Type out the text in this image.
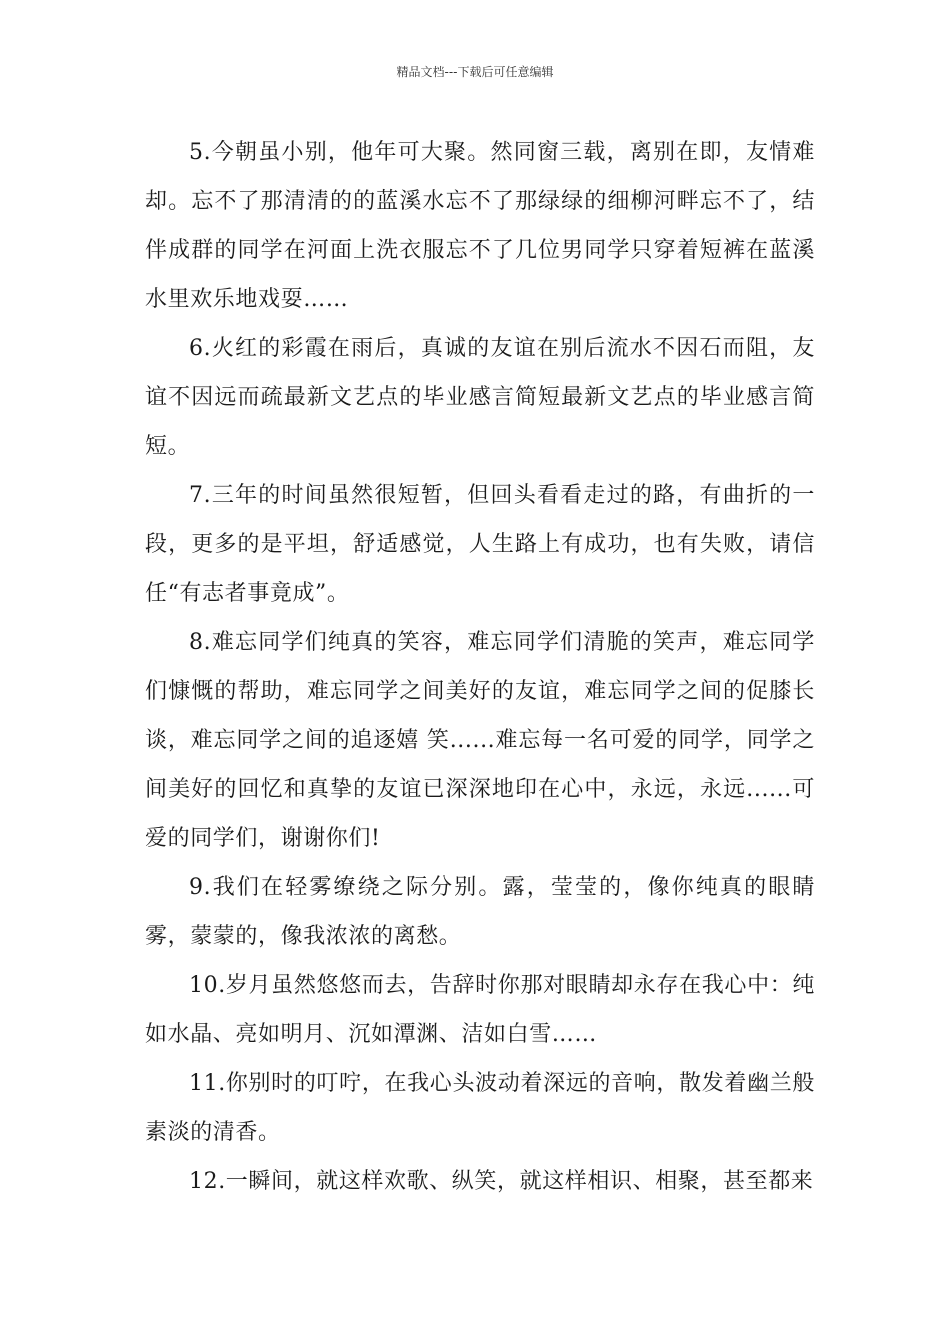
精品文档---下载后可任意编辑

5.今朝虽小别，他年可大聚。然同窗三载，离别在即，友情难却。忘不了那清清的的蓝溪水忘不了那绿绿的细柳河畔忘不了，结伴成群的同学在河面上洗衣服忘不了几位男同学只穿着短裤在蓝溪水里欢乐地戏耍……

6.火红的彩霞在雨后，真诚的友谊在别后流水不因石而阻，友谊不因远而疏最新文艺点的毕业感言简短最新文艺点的毕业感言简短。

7.三年的时间虽然很短暂，但回头看看走过的路，有曲折的一段，更多的是平坦，舒适感觉，人生路上有成功，也有失败，请信任“有志者事竟成”。

8.难忘同学们纯真的笑容，难忘同学们清脆的笑声，难忘同学们慷慨的帮助，难忘同学之间美好的友谊，难忘同学之间的促膝长谈，难忘同学之间的追逐嬉 笑......难忘每一名可爱的同学，同学之间美好的回忆和真挚的友谊已深深地印在心中，永远，永远......可爱的同学们，谢谢你们!

9.我们在轻雾缭绕之际分别。露，莹莹的，像你纯真的眼睛雾，蒙蒙的，像我浓浓的离愁。

10.岁月虽然悠悠而去，告辞时你那对眼睛却永存在我心中：纯如水晶、亮如明月、沉如潭渊、洁如白雪……

11.你别时的叮咛，在我心头波动着深远的音响，散发着幽兰般素淡的清香。

12.一瞬间，就这样欢歌、纵笑，就这样相识、相聚，甚至都来
